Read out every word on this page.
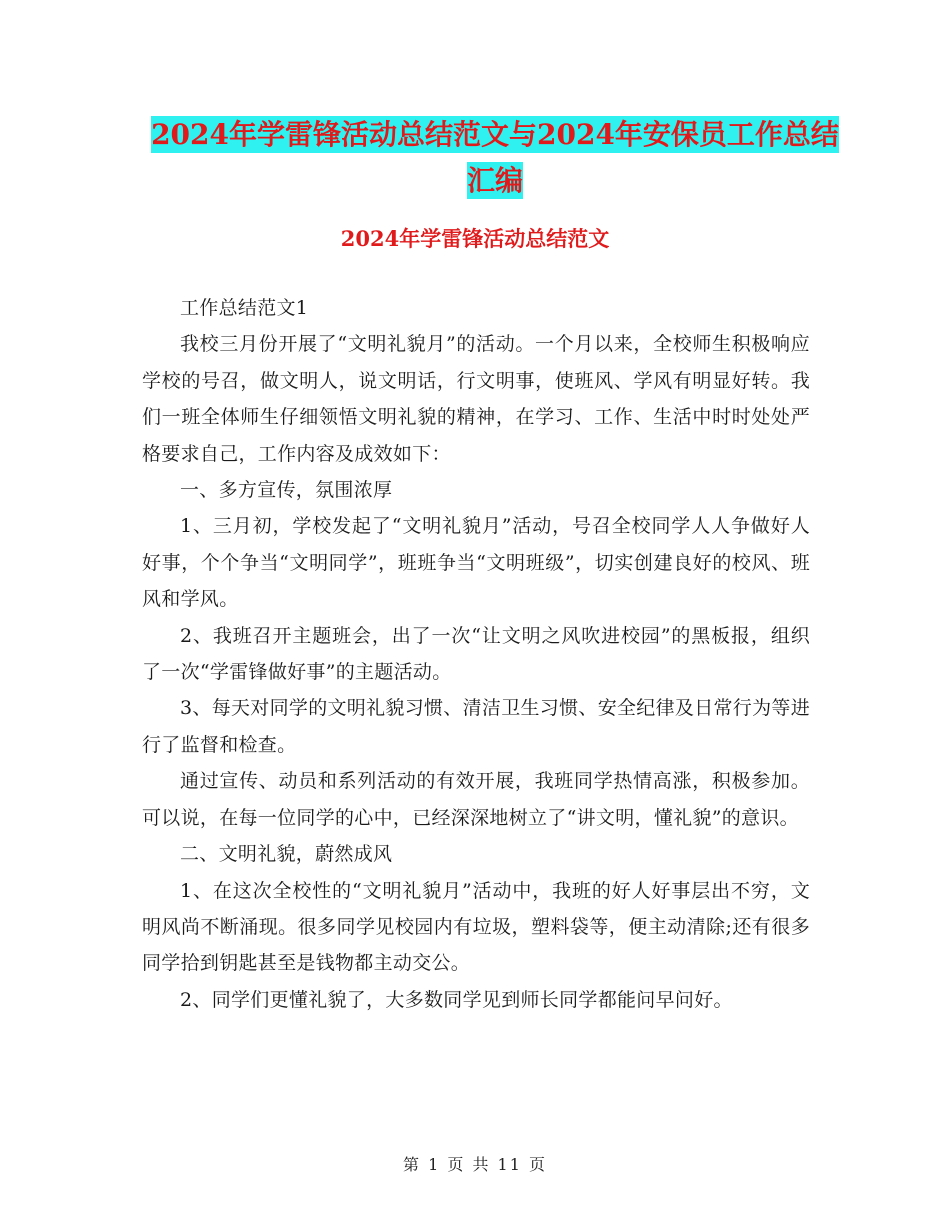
2024年学雷锋活动总结范文与2024年安保员工作总结
汇编
2024年学雷锋活动总结范文

工作总结范文1

我校三月份开展了“文明礼貌月”的活动。一个月以来，全校师生积极响应学校的号召，做文明人，说文明话，行文明事，使班风、学风有明显好转。我们一班全体师生仔细领悟文明礼貌的精神，在学习、工作、生活中时时处处严格要求自己，工作内容及成效如下：

一、多方宣传，氛围浓厚

1、三月初，学校发起了“文明礼貌月”活动，号召全校同学人人争做好人好事，个个争当“文明同学”，班班争当“文明班级”，切实创建良好的校风、班风和学风。

2、我班召开主题班会，出了一次“让文明之风吹进校园”的黑板报，组织了一次“学雷锋做好事”的主题活动。

3、每天对同学的文明礼貌习惯、清洁卫生习惯、安全纪律及日常行为等进行了监督和检查。

通过宣传、动员和系列活动的有效开展，我班同学热情高涨，积极参加。可以说，在每一位同学的心中，已经深深地树立了“讲文明，懂礼貌”的意识。

二、文明礼貌，蔚然成风

1、在这次全校性的“文明礼貌月”活动中，我班的好人好事层出不穷，文明风尚不断涌现。很多同学见校园内有垃圾，塑料袋等，便主动清除;还有很多同学拾到钥匙甚至是钱物都主动交公。

2、同学们更懂礼貌了，大多数同学见到师长同学都能问早问好。

第 1 页 共 11 页
